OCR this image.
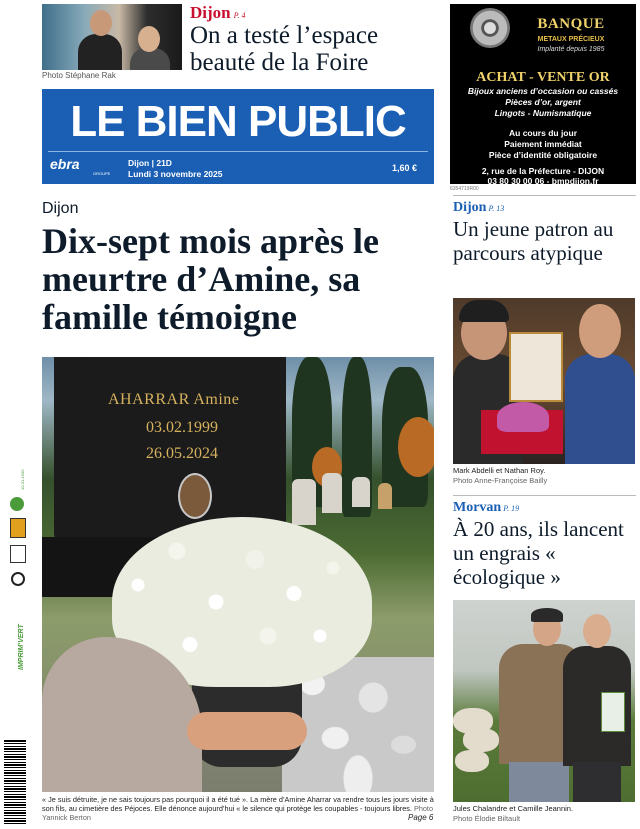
Photo Stéphane Rak
Dijon P. 4
On a testé l’espace beauté de la Foire
BANQUE
METAUX PRÉCIEUX
Implanté depuis 1985
ACHAT - VENTE OR
Bijoux anciens d’occasion ou cassés
Pièces d’or, argent
Lingots - Numismatique
Au cours du jour
Paiement immédiat
Pièce d’identité obligatoire
2, rue de la Préfecture - DIJON
03 80 30 00 06 - bmpdijon.fr
6354719R00
LE BIEN PUBLIC
ebra
GROUPE
Dijon | 21D
Lundi 3 novembre 2025
1,60 €
Dijon
Dix-sept mois après le meurtre d’Amine, sa famille témoigne
AHARRAR Amine
03.02.1999
26.05.2024
« Je suis détruite, je ne sais toujours pas pourquoi il a été tué ». La mère d’Amine Aharrar va rendre tous les jours visite à son fils, au cimetière des Péjoces. Elle dénonce aujourd’hui « le silence qui protège les coupables - toujours libres. Photo Yannick Berton	Page 6
Dijon P. 13
Un jeune patron au parcours atypique
Mark Abdelli et Nathan Roy.
Photo Anne-Françoise Bailly
Morvan P. 19
À 20 ans, ils lancent un engrais « écologique »
Jules Chalandre et Camille Jeannin.
Photo Élodie Biltault
10-31-1600
IMPRIM’VERT
